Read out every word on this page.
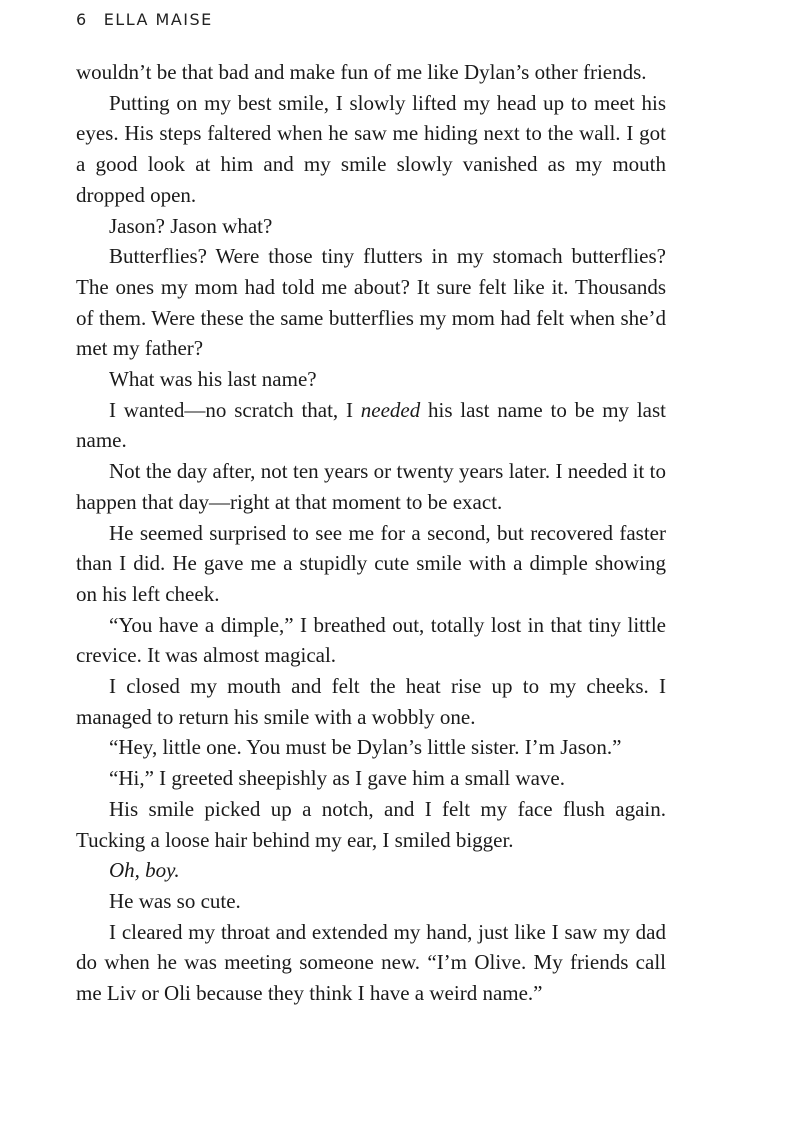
6 ELLA MAISE

wouldn’t be that bad and make fun of me like Dylan’s other friends.

Putting on my best smile, I slowly lifted my head up to meet his eyes. His steps faltered when he saw me hiding next to the wall. I got a good look at him and my smile slowly vanished as my mouth dropped open.

Jason? Jason what?

Butterflies? Were those tiny flutters in my stomach butterflies? The ones my mom had told me about? It sure felt like it. Thousands of them. Were these the same butterflies my mom had felt when she’d met my father?

What was his last name?

I wanted—no scratch that, I needed his last name to be my last name.

Not the day after, not ten years or twenty years later. I needed it to happen that day—right at that moment to be exact.

He seemed surprised to see me for a second, but recovered faster than I did. He gave me a stupidly cute smile with a dimple showing on his left cheek.

“You have a dimple,” I breathed out, totally lost in that tiny little crevice. It was almost magical.

I closed my mouth and felt the heat rise up to my cheeks. I managed to return his smile with a wobbly one.

“Hey, little one. You must be Dylan’s little sister. I’m Jason.”

“Hi,” I greeted sheepishly as I gave him a small wave.

His smile picked up a notch, and I felt my face flush again. Tucking a loose hair behind my ear, I smiled bigger.

Oh, boy.

He was so cute.

I cleared my throat and extended my hand, just like I saw my dad do when he was meeting someone new. “I’m Olive. My friends call me Liv or Oli because they think I have a weird name.”
